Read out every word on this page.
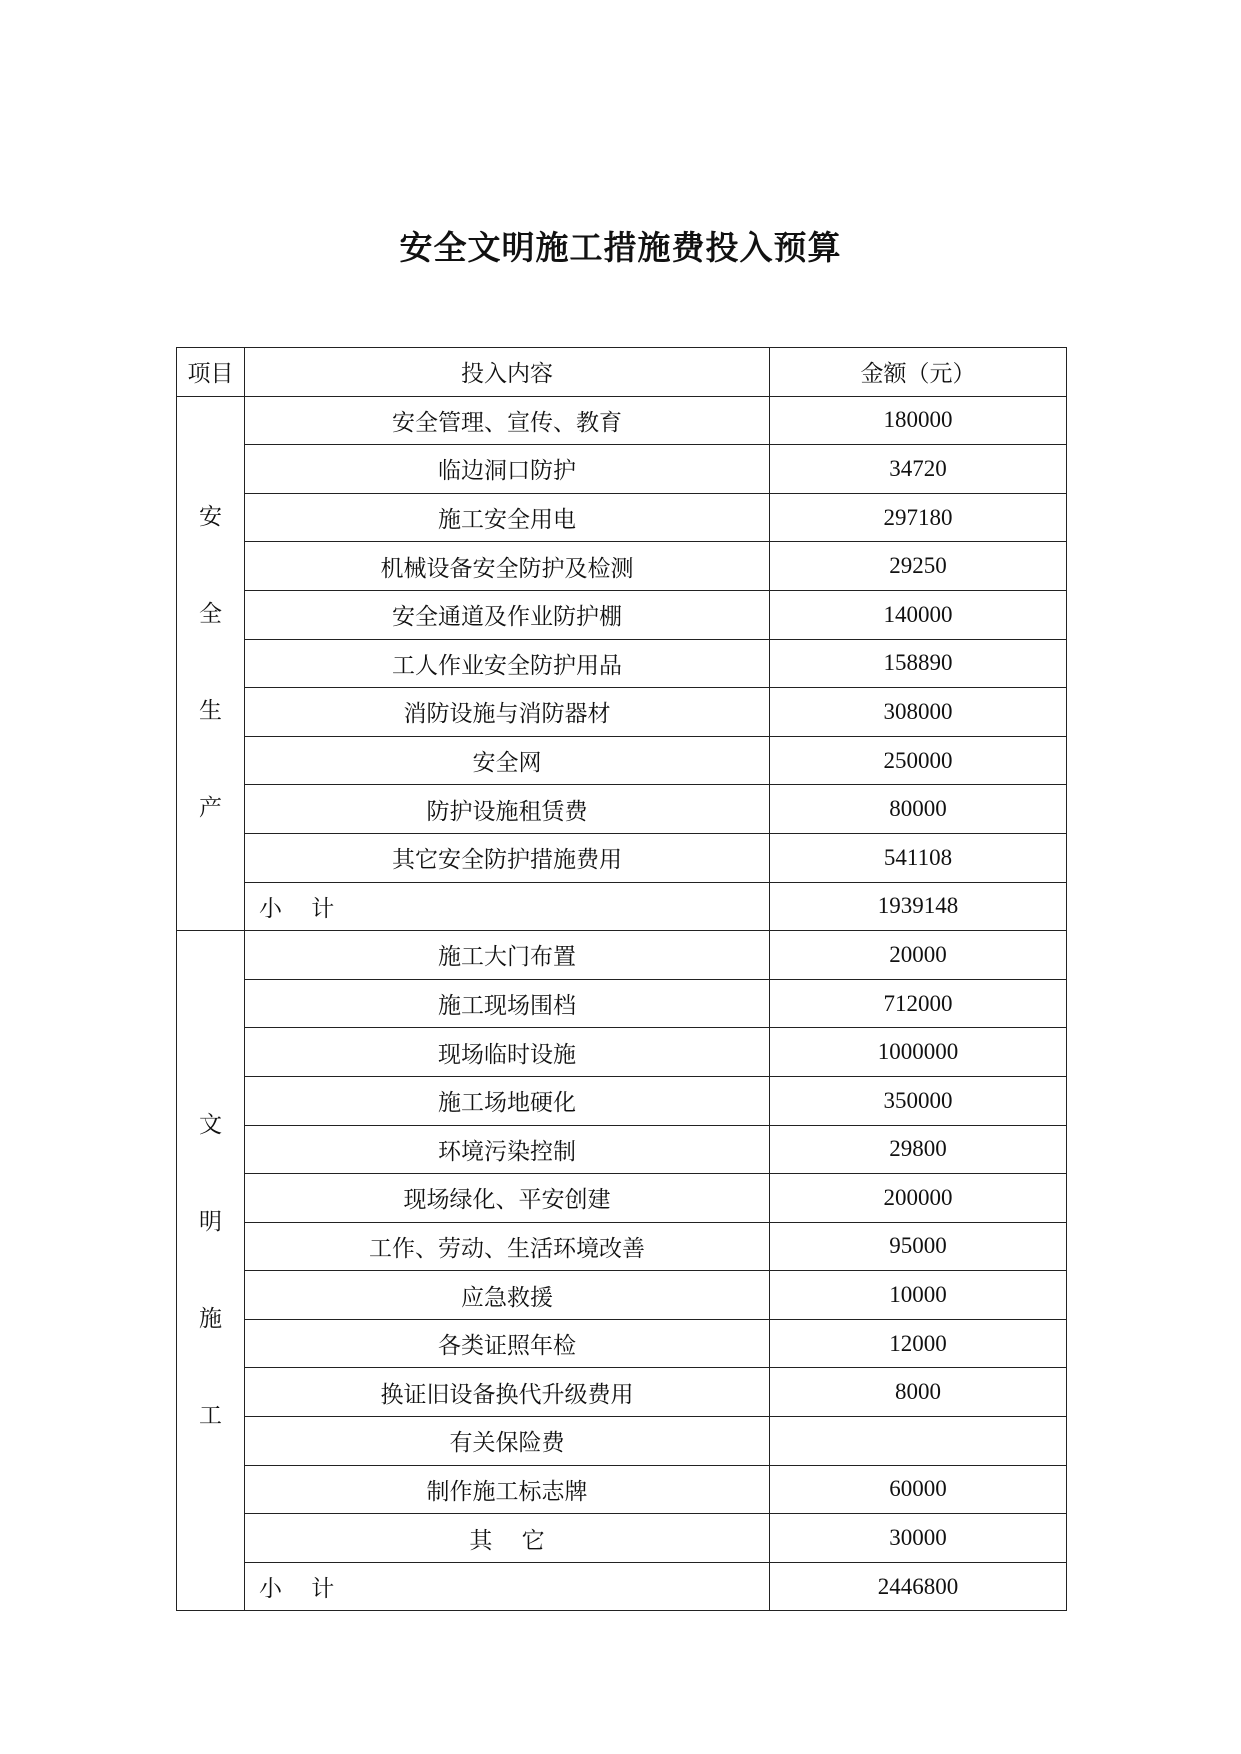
安全文明施工措施费投入预算
项目	投入内容	金额（元）

安
全
生
产	安全管理、宣传、教育	180000
	临边洞口防护	34720
	施工安全用电	297180
	机械设备安全防护及检测	29250
	安全通道及作业防护棚	140000
	工人作业安全防护用品	158890
	消防设施与消防器材	308000
	安全网	250000
	防护设施租赁费	80000
	其它安全防护措施费用	541108
	小    计	1939148

文
明
施
工	施工大门布置	20000
	施工现场围档	712000
	现场临时设施	1000000
	施工场地硬化	350000
	环境污染控制	29800
	现场绿化、平安创建	200000
	工作、劳动、生活环境改善	95000
	应急救援	10000
	各类证照年检	12000
	换证旧设备换代升级费用	8000
	有关保险费	
	制作施工标志牌	60000
	其    它	30000
	小    计	2446800
